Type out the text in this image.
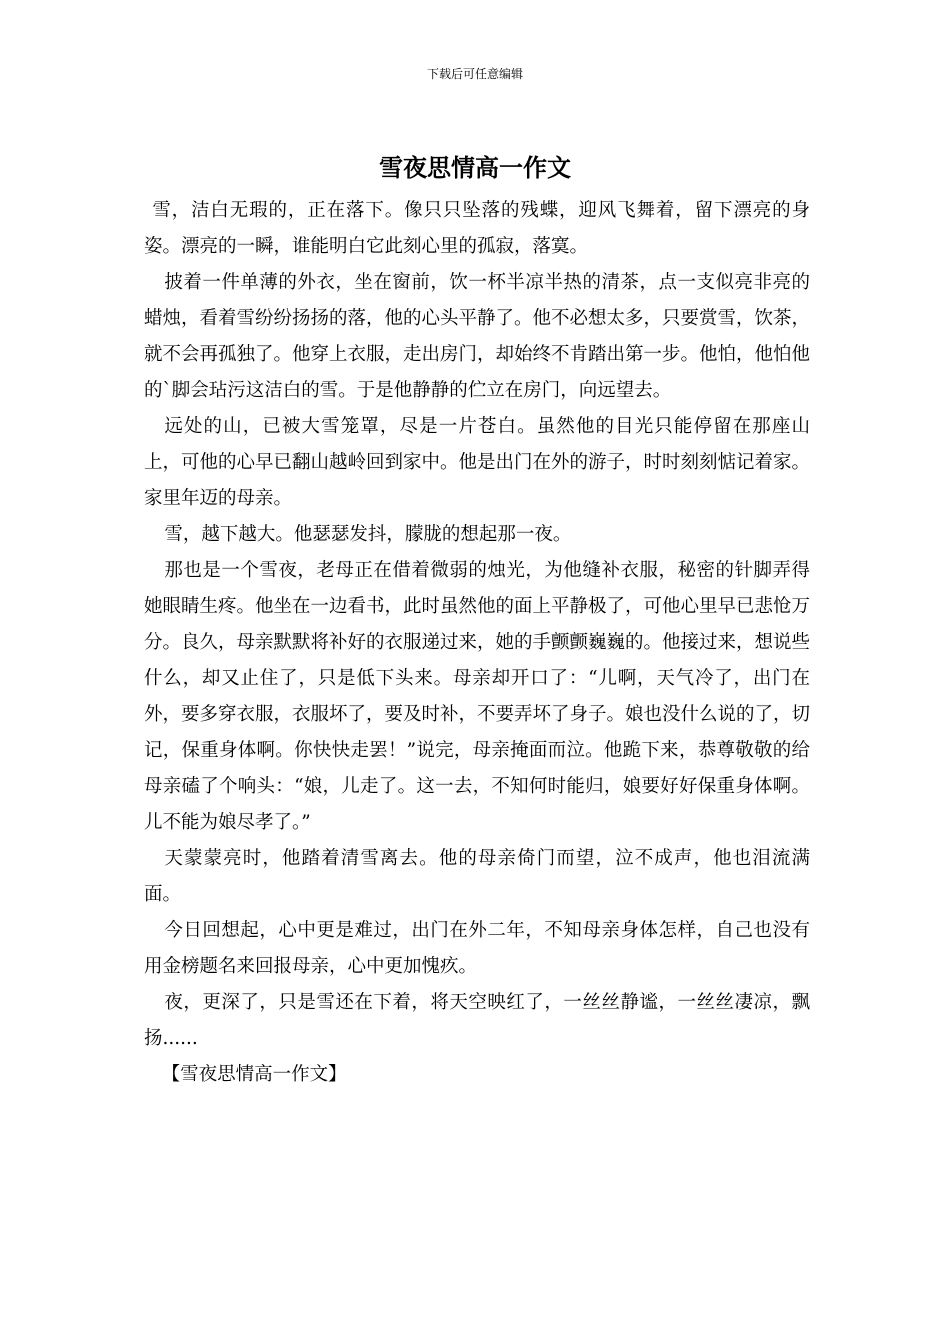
下载后可任意编辑
雪夜思情高一作文

雪，洁白无瑕的，正在落下。像只只坠落的残蝶，迎风飞舞着，留下漂亮的身姿。漂亮的一瞬，谁能明白它此刻心里的孤寂，落寞。

披着一件单薄的外衣，坐在窗前，饮一杯半凉半热的清茶，点一支似亮非亮的蜡烛，看着雪纷纷扬扬的落，他的心头平静了。他不必想太多，只要赏雪，饮茶，就不会再孤独了。他穿上衣服，走出房门，却始终不肯踏出第一步。他怕，他怕他的`脚会玷污这洁白的雪。于是他静静的伫立在房门，向远望去。

远处的山，已被大雪笼罩，尽是一片苍白。虽然他的目光只能停留在那座山上，可他的心早已翻山越岭回到家中。他是出门在外的游子，时时刻刻惦记着家。家里年迈的母亲。

雪，越下越大。他瑟瑟发抖，朦胧的想起那一夜。

那也是一个雪夜，老母正在借着微弱的烛光，为他缝补衣服，秘密的针脚弄得她眼睛生疼。他坐在一边看书，此时虽然他的面上平静极了，可他心里早已悲怆万分。良久，母亲默默将补好的衣服递过来，她的手颤颤巍巍的。他接过来，想说些什么，却又止住了，只是低下头来。母亲却开口了：“儿啊，天气冷了，出门在外，要多穿衣服，衣服坏了，要及时补，不要弄坏了身子。娘也没什么说的了，切记，保重身体啊。你快快走罢！”说完，母亲掩面而泣。他跪下来，恭尊敬敬的给母亲磕了个响头：“娘，儿走了。这一去，不知何时能归，娘要好好保重身体啊。儿不能为娘尽孝了。”

天蒙蒙亮时，他踏着清雪离去。他的母亲倚门而望，泣不成声，他也泪流满面。

今日回想起，心中更是难过，出门在外二年，不知母亲身体怎样，自己也没有用金榜题名来回报母亲，心中更加愧疚。

夜，更深了，只是雪还在下着，将天空映红了，一丝丝静谧，一丝丝凄凉，飘扬......

【雪夜思情高一作文】
